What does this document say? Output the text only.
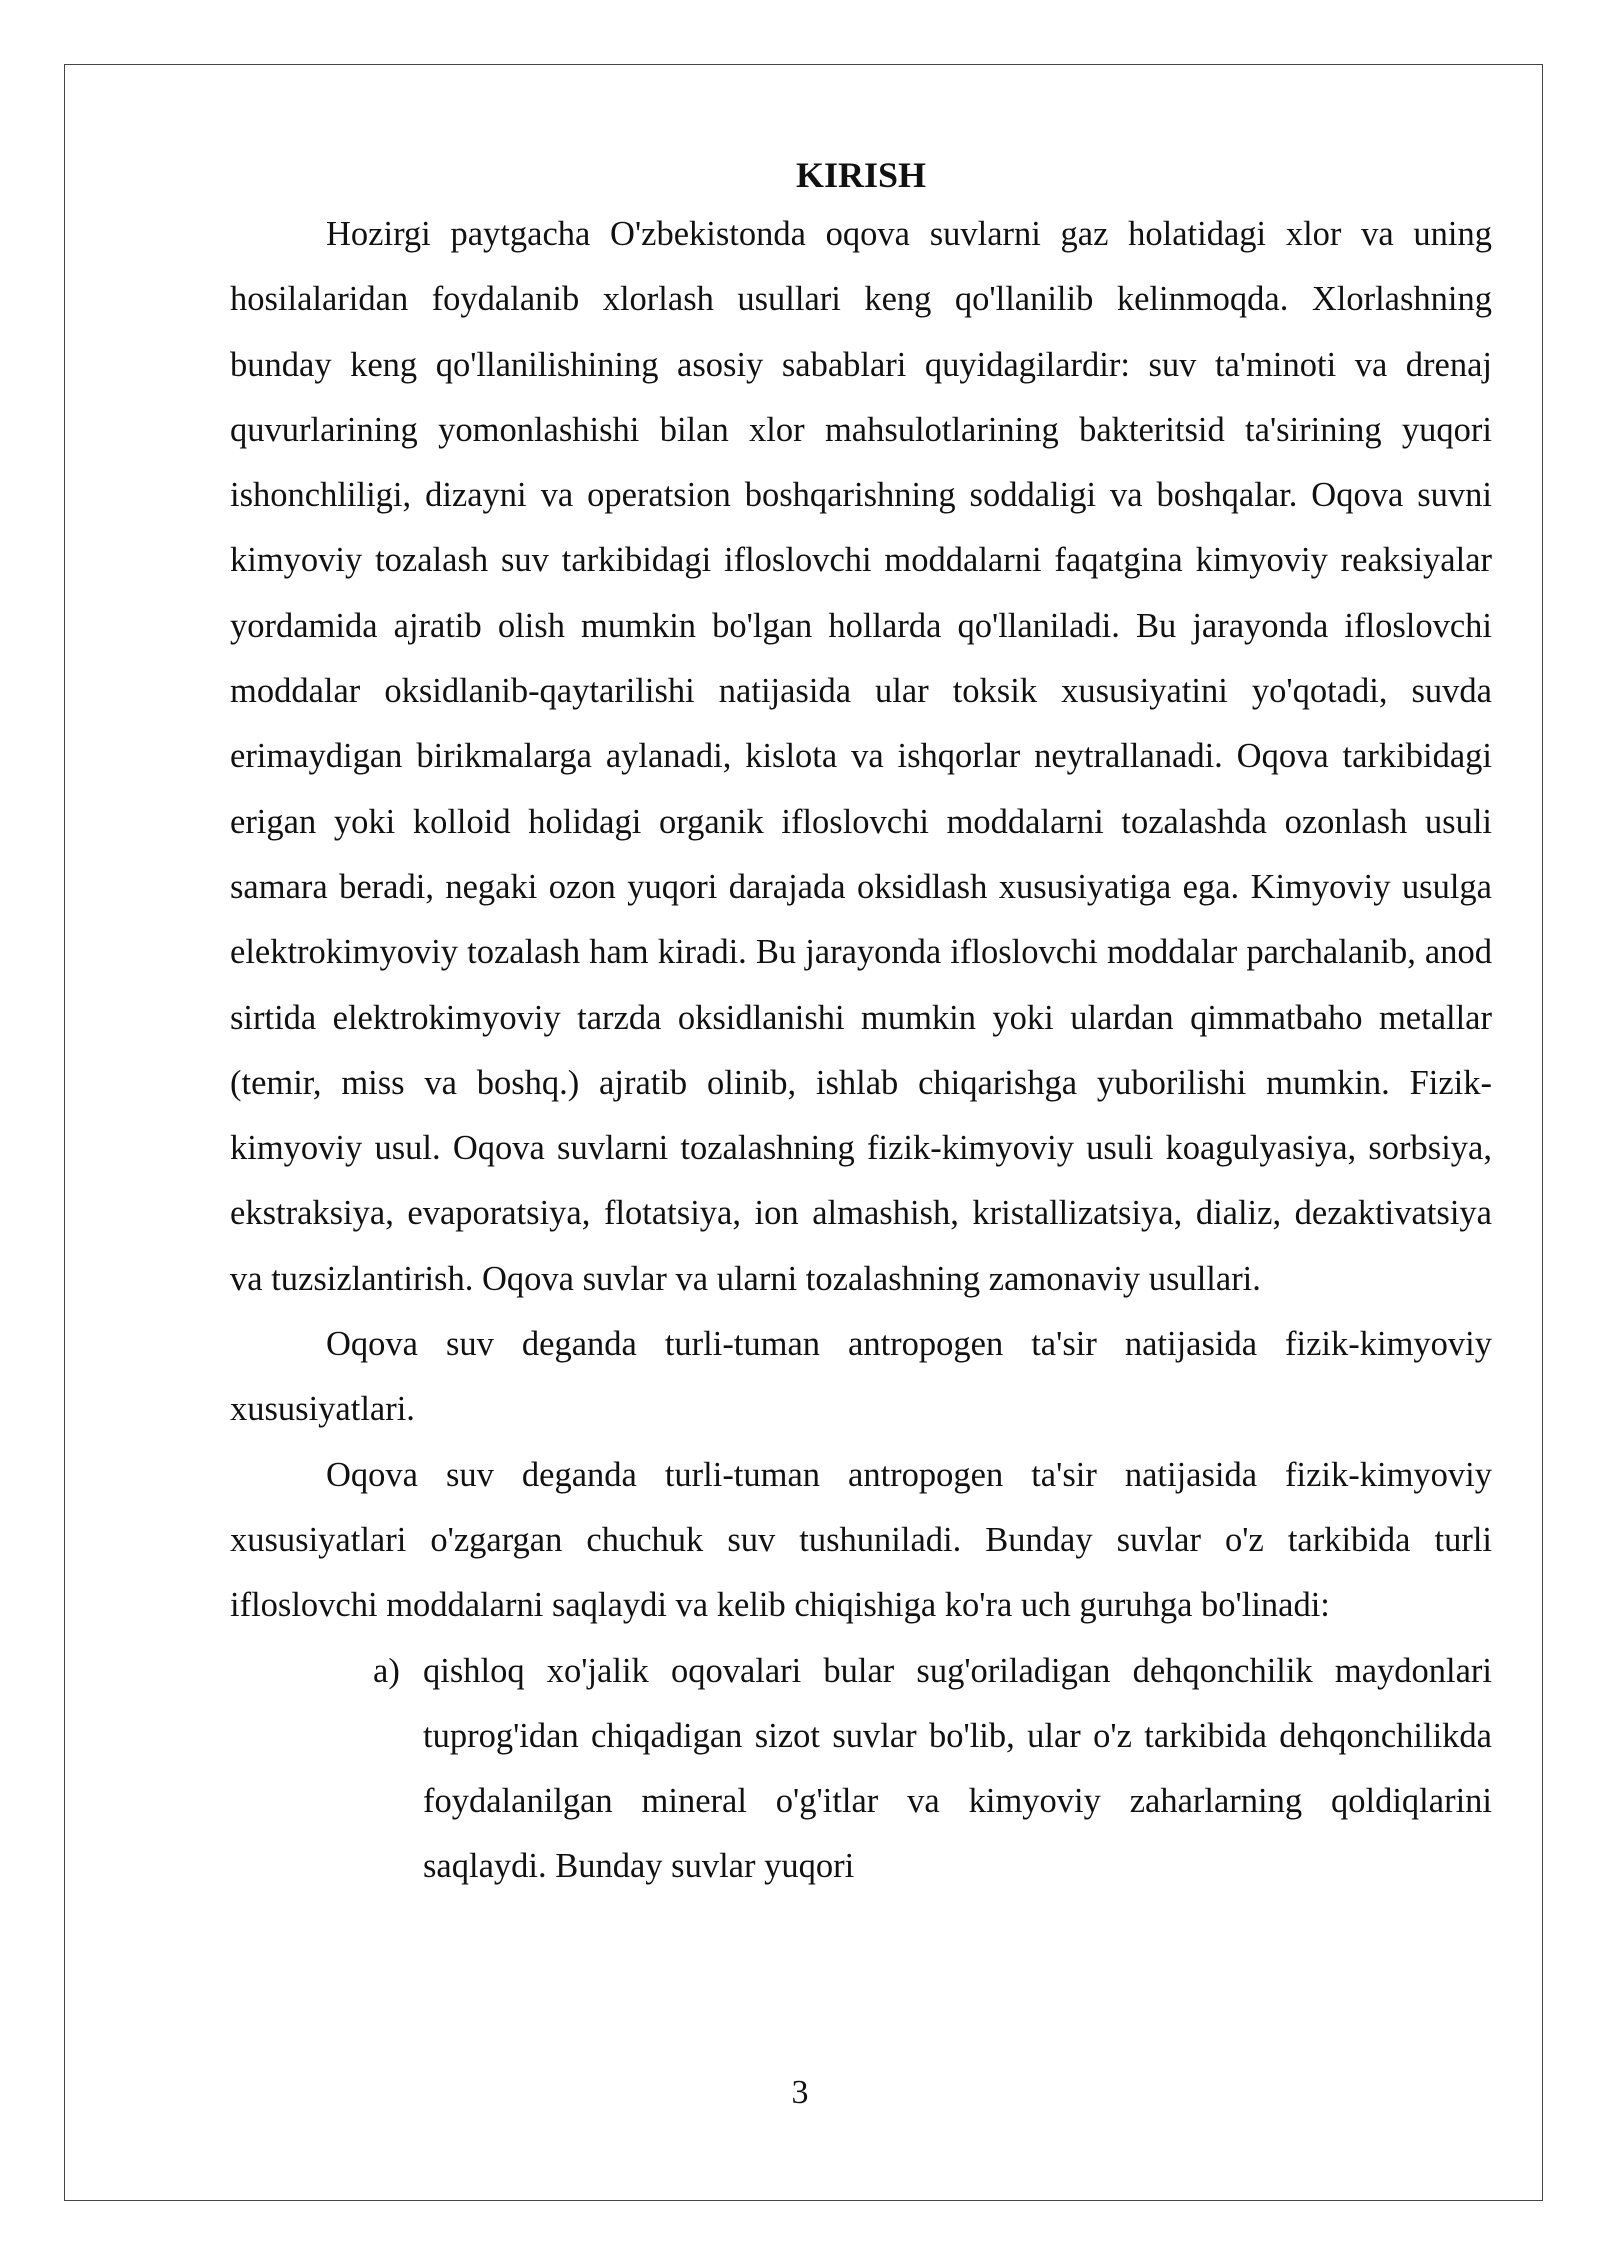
KIRISH

Hozirgi paytgacha O'zbekistonda oqova suvlarni gaz holatidagi xlor va uning hosilalaridan foydalanib xlorlash usullari keng qo'llanilib kelinmoqda. Xlorlashning bunday keng qo'llanilishining asosiy sabablari quyidagilardir: suv ta'minoti va drenaj quvurlarining yomonlashishi bilan xlor mahsulotlarining bakteritsid ta'sirining yuqori ishonchliligi, dizayni va operatsion boshqarishning soddaligi va boshqalar. Oqova suvni kimyoviy tozalash suv tarkibidagi ifloslovchi moddalarni faqatgina kimyoviy reaksiyalar yordamida ajratib olish mumkin bo'lgan hollarda qo'llaniladi. Bu jarayonda ifloslovchi moddalar oksidlanib-qaytarilishi natijasida ular toksik xususiyatini yo'qotadi, suvda erimaydigan birikmalarga aylanadi, kislota va ishqorlar neytrallanadi. Oqova tarkibidagi erigan yoki kolloid holidagi organik ifloslovchi moddalarni tozalashda ozonlash usuli samara beradi, negaki ozon yuqori darajada oksidlash xususiyatiga ega. Kimyoviy usulga elektrokimyoviy tozalash ham kiradi. Bu jarayonda ifloslovchi moddalar parchalanib, anod sirtida elektrokimyoviy tarzda oksidlanishi mumkin yoki ulardan qimmatbaho metallar (temir, miss va boshq.) ajratib olinib, ishlab chiqarishga yuborilishi mumkin. Fizik-kimyoviy usul. Oqova suvlarni tozalashning fizik-kimyoviy usuli koagulyasiya, sorbsiya, ekstraksiya, evaporatsiya, flotatsiya, ion almashish, kristallizatsiya, dializ, dezaktivatsiya va tuzsizlantirish. Oqova suvlar va ularni tozalashning zamonaviy usullari.

Oqova suv deganda turli-tuman antropogen ta'sir natijasida fizik-kimyoviy xususiyatlari.

Oqova suv deganda turli-tuman antropogen ta'sir natijasida fizik-kimyoviy xususiyatlari o'zgargan chuchuk suv tushuniladi. Bunday suvlar o'z tarkibida turli ifloslovchi moddalarni saqlaydi va kelib chiqishiga ko'ra uch guruhga bo'linadi:

a) qishloq xo'jalik oqovalari bular sug'oriladigan dehqonchilik maydonlari tuprog'idan chiqadigan sizot suvlar bo'lib, ular o'z tarkibida dehqonchilikda foydalanilgan mineral o'g'itlar va kimyoviy zaharlarning qoldiqlarini saqlaydi. Bunday suvlar yuqori
3
